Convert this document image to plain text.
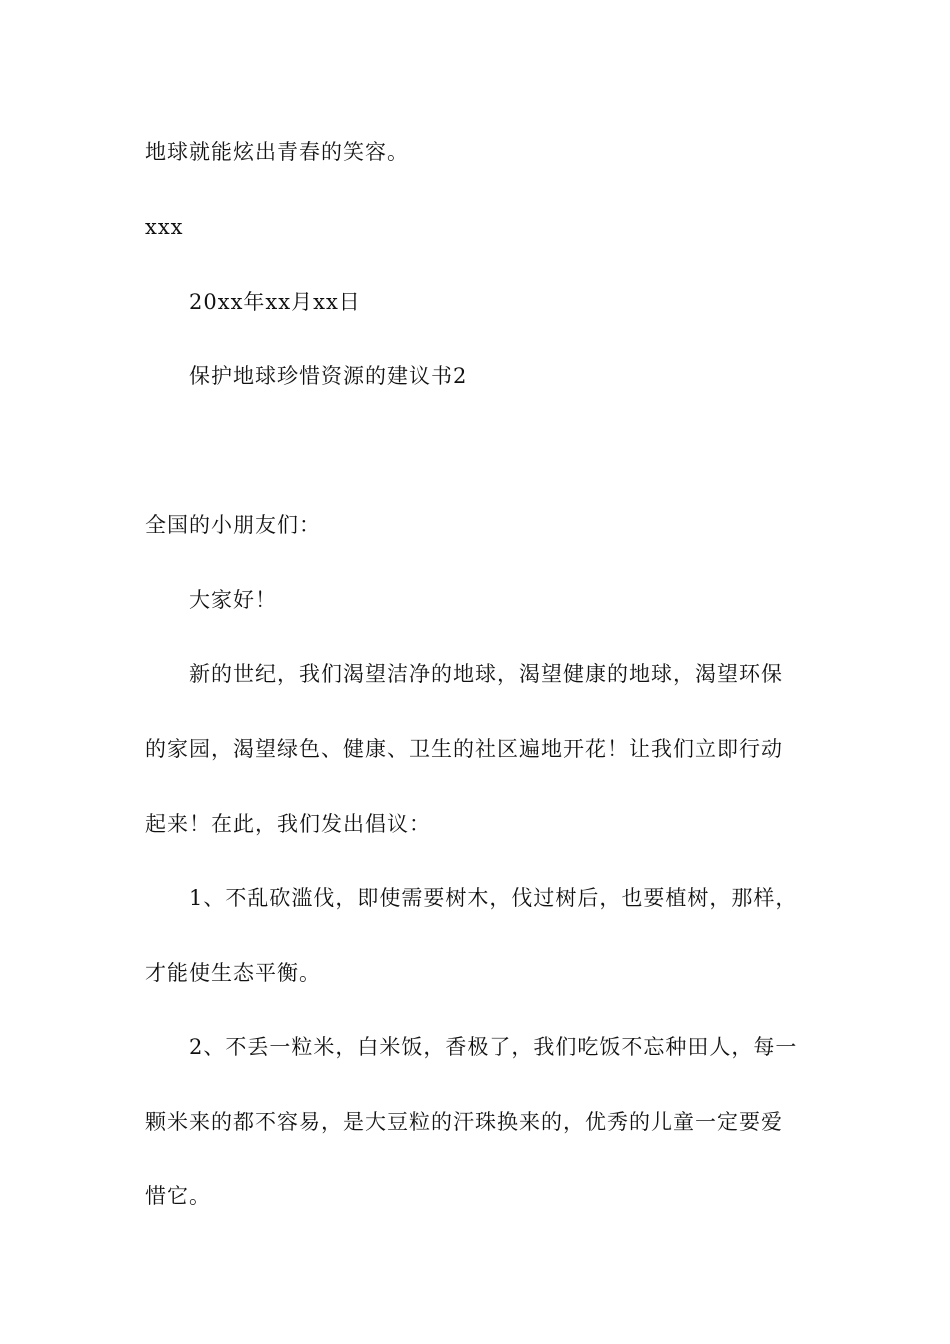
地球就能炫出青春的笑容。
xxx
20xx年xx月xx日
保护地球珍惜资源的建议书2
全国的小朋友们：
大家好！
新的世纪，我们渴望洁净的地球，渴望健康的地球，渴望环保
的家园，渴望绿色、健康、卫生的社区遍地开花！让我们立即行动
起来！在此，我们发出倡议：
1、不乱砍滥伐，即使需要树木，伐过树后，也要植树，那样，
才能使生态平衡。
2、不丢一粒米，白米饭，香极了，我们吃饭不忘种田人，每一
颗米来的都不容易，是大豆粒的汗珠换来的，优秀的儿童一定要爱
惜它。
